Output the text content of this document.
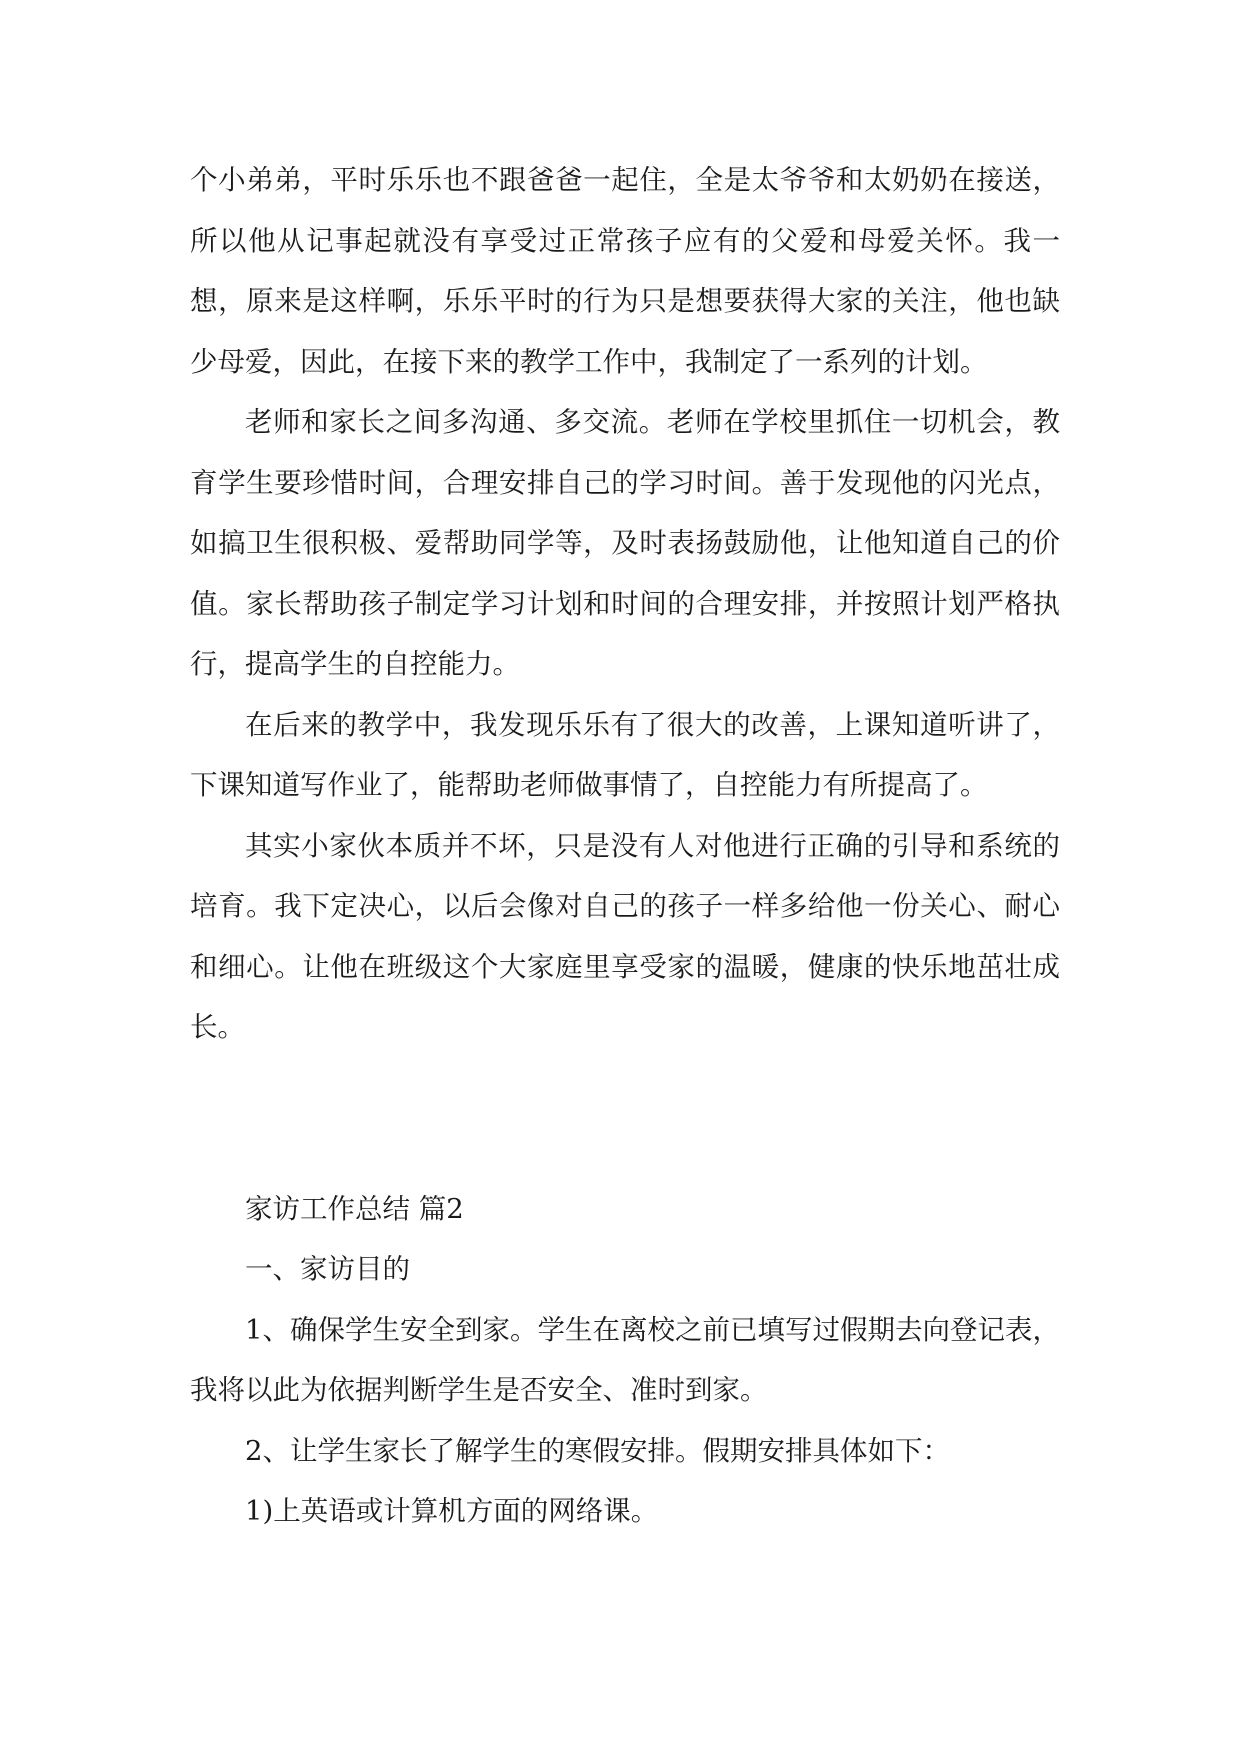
个小弟弟，平时乐乐也不跟爸爸一起住，全是太爷爷和太奶奶在接送，所以他从记事起就没有享受过正常孩子应有的父爱和母爱关怀。我一想，原来是这样啊，乐乐平时的行为只是想要获得大家的关注，他也缺少母爱，因此，在接下来的教学工作中，我制定了一系列的计划。

老师和家长之间多沟通、多交流。老师在学校里抓住一切机会，教育学生要珍惜时间，合理安排自己的学习时间。善于发现他的闪光点，如搞卫生很积极、爱帮助同学等，及时表扬鼓励他，让他知道自己的价值。家长帮助孩子制定学习计划和时间的合理安排，并按照计划严格执行，提高学生的自控能力。

在后来的教学中，我发现乐乐有了很大的改善，上课知道听讲了，下课知道写作业了，能帮助老师做事情了，自控能力有所提高了。

其实小家伙本质并不坏，只是没有人对他进行正确的引导和系统的培育。我下定决心，以后会像对自己的孩子一样多给他一份关心、耐心和细心。让他在班级这个大家庭里享受家的温暖，健康的快乐地茁壮成长。

家访工作总结 篇2

一、家访目的

1、确保学生安全到家。学生在离校之前已填写过假期去向登记表，我将以此为依据判断学生是否安全、准时到家。

2、让学生家长了解学生的寒假安排。假期安排具体如下：

1)上英语或计算机方面的网络课。
